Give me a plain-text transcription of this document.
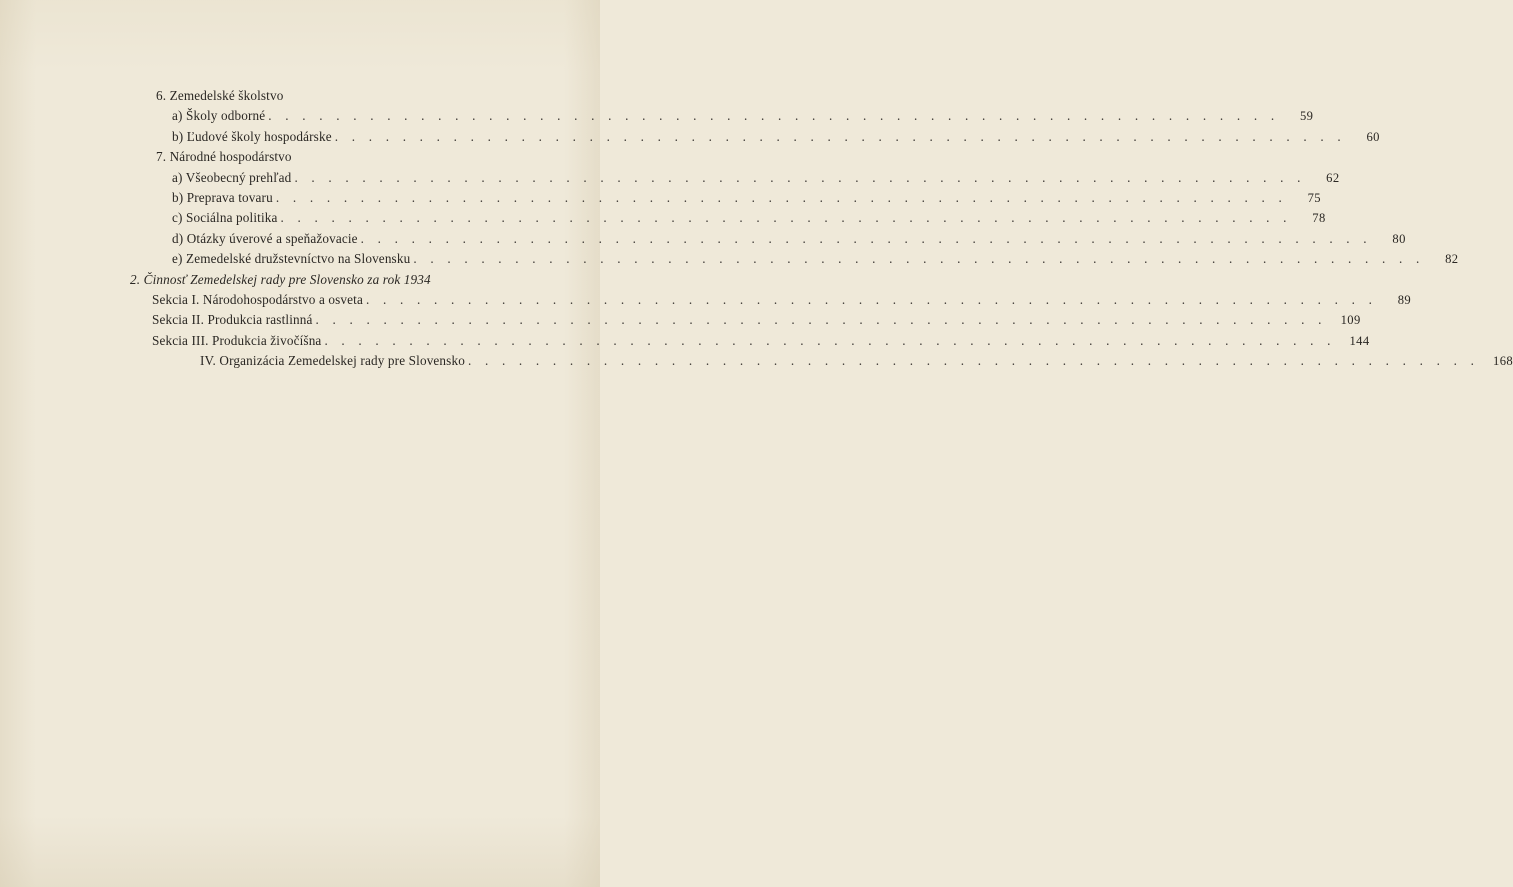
6. Zemedelské školstvo
a) Školy odborné . . . . . . . . . . . . . . . . . . . . . . . . . . . . . . . . . . . . . . . . . . . . . . . . . . . . . . . . . . . .	59
b) Ľudové školy hospodárske . . . . . . . . . . . . . . . . . . . . . . . . . . . . . . . . . . . . . . . . . . . . . . . . . . . . . . . . . . . .	60
7. Národné hospodárstvo
a) Všeobecný prehľad . . . . . . . . . . . . . . . . . . . . . . . . . . . . . . . . . . . . . . . . . . . . . . . . . . . . . . . . . . . .	62
b) Preprava tovaru . . . . . . . . . . . . . . . . . . . . . . . . . . . . . . . . . . . . . . . . . . . . . . . . . . . . . . . . . . . .	75
c) Sociálna politika . . . . . . . . . . . . . . . . . . . . . . . . . . . . . . . . . . . . . . . . . . . . . . . . . . . . . . . . . . . .	78
d) Otázky úverové a speňažovacie . . . . . . . . . . . . . . . . . . . . . . . . . . . . . . . . . . . . . . . . . . . . . . . . . . . . . . . . . . . .	80
e) Zemedelské družstevníctvo na Slovensku . . . . . . . . . . . . . . . . . . . . . . . . . . . . . . . . . . . . . . . . . . . . . . . . . . . . . . . . . . . .	82
2. Činnosť Zemedelskej rady pre Slovensko za rok 1934
Sekcia I. Národohospodárstvo a osveta . . . . . . . . . . . . . . . . . . . . . . . . . . . . . . . . . . . . . . . . . . . . . . . . . . . . . . . . . . . .	89
Sekcia II. Produkcia rastlinná . . . . . . . . . . . . . . . . . . . . . . . . . . . . . . . . . . . . . . . . . . . . . . . . . . . . . . . . . . . .	109
Sekcia III. Produkcia živočíšna . . . . . . . . . . . . . . . . . . . . . . . . . . . . . . . . . . . . . . . . . . . . . . . . . . . . . . . . . . . .	144
IV. Organizácia Zemedelskej rady pre Slovensko . . . . . . . . . . . . . . . . . . . . . . . . . . . . . . . . . . . . . . . . . . . . . . . . . . . . . . . . . . . .	168
